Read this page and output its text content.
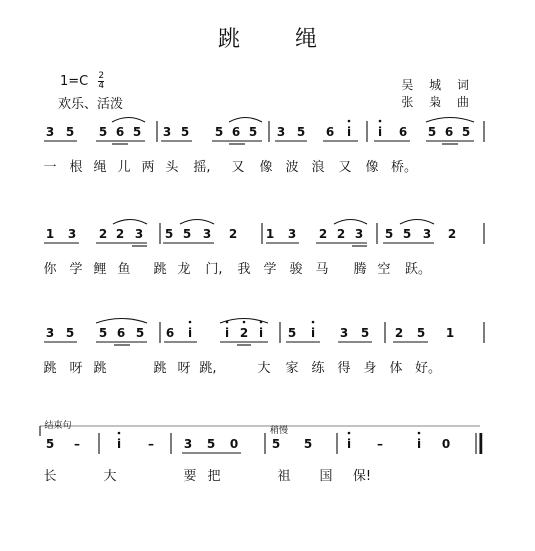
跳 绳
$1=C \frac{2}{4}$
欢乐、活泼
吴 城 词
张 枭 曲
3 5 5 6 5 3 5 5 6 5 3 5 6 i i 6 5 6 5
一 根 绳 儿 两 头 摇, 又 像 波 浪 又 像 桥。
1 3 2 2 3 5 5 3 2 1 3 2 2 3 5 5 3 2
你 学 鲤 鱼 跳 龙 门, 我 学 骏 马 腾 空 跃。
3 5 5 6 5 6 i	i 2 i 5 i 3 5 2 5 1
跳 呀 跳	跳 呀 跳,	大 家 练 得 身 体 好。
5 –	i – 3 5 0	5 5	i –	i 0
长	大	要 把	祖 国 保!
结束句	稍慢
